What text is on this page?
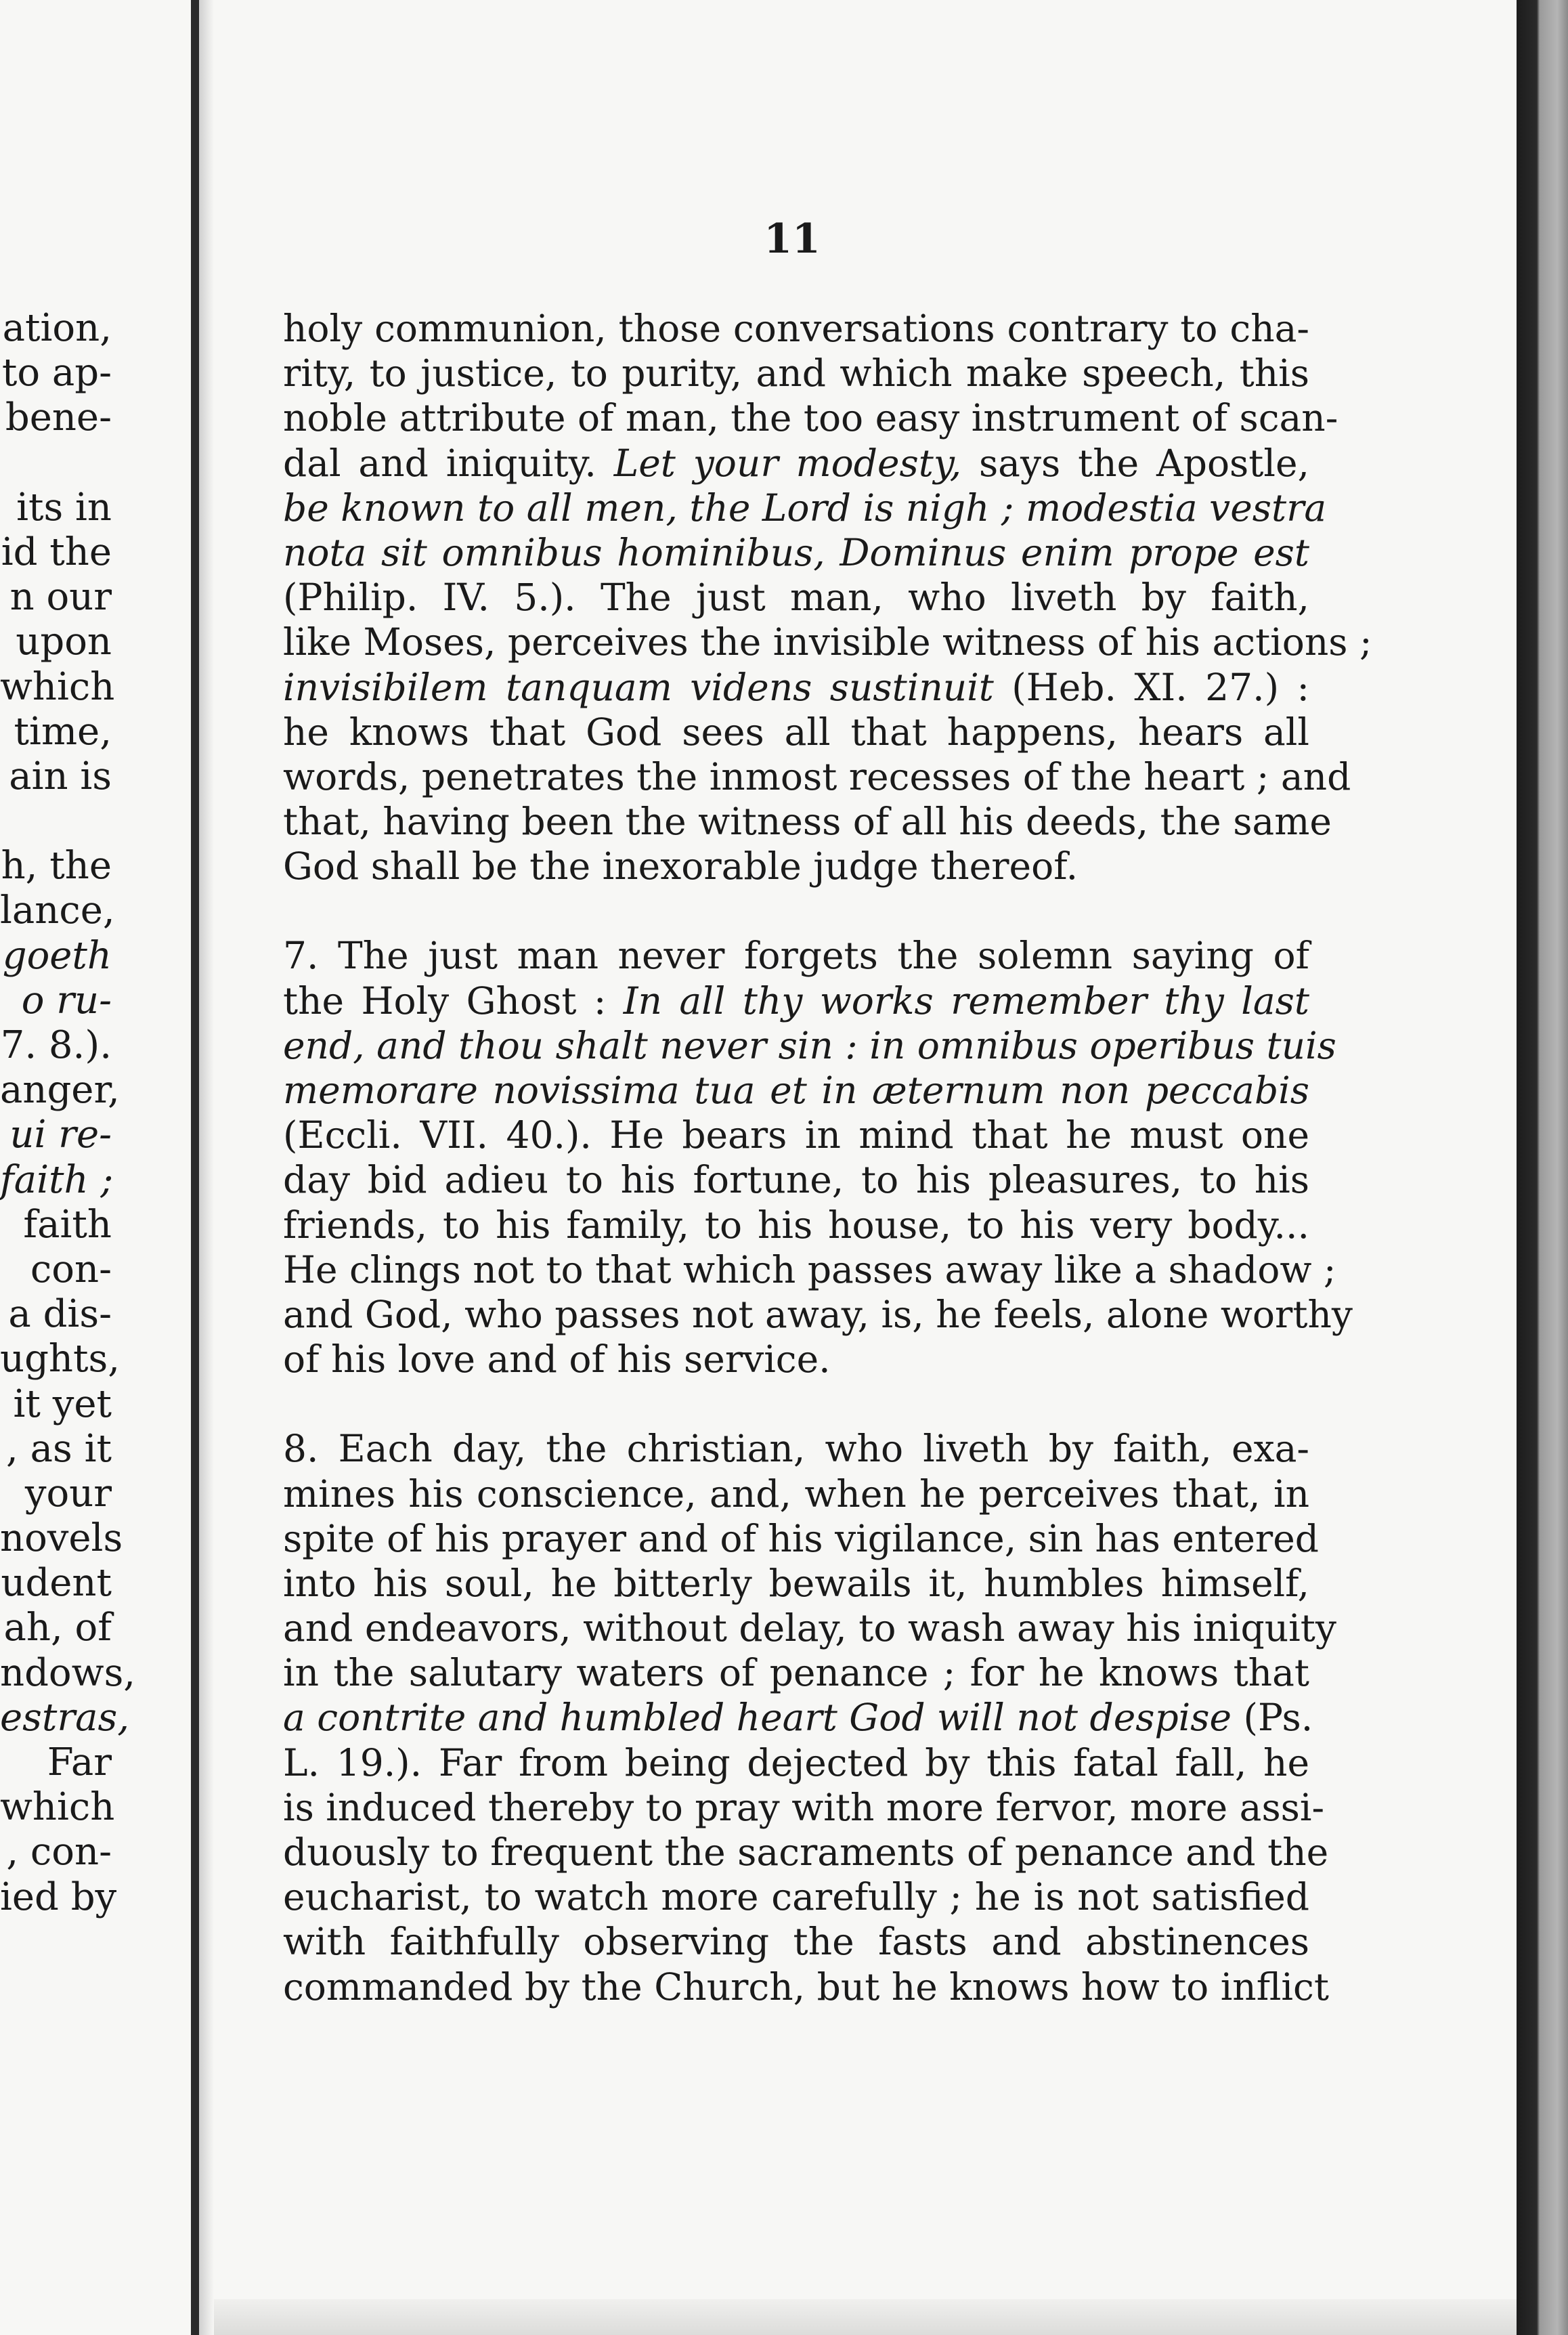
ation,
to ap-
bene-
its in
id the
n our
upon
which
time,
ain is
h, the
lance,
goeth
o ru-
7. 8.).
anger,
ui re-
faith ;
faith
con-
a dis-
ughts,
it yet
, as it
your
novels
udent
ah, of
ndows,
estras,
Far
which
, con-
ied by
11
holy communion, those conversations contrary to cha-
rity, to justice, to purity, and which make speech, this
noble attribute of man, the too easy instrument of scan-
dal and iniquity. Let your modesty, says the Apostle,
be known to all men, the Lord is nigh ; modestia vestra
nota sit omnibus hominibus, Dominus enim prope est
(Philip. IV. 5.). The just man, who liveth by faith,
like Moses, perceives the invisible witness of his actions ;
invisibilem tanquam videns sustinuit (Heb. XI. 27.) :
he knows that God sees all that happens, hears all
words, penetrates the inmost recesses of the heart ; and
that, having been the witness of all his deeds, the same
God shall be the inexorable judge thereof.
7. The just man never forgets the solemn saying of
the Holy Ghost : In all thy works remember thy last
end, and thou shalt never sin : in omnibus operibus tuis
memorare novissima tua et in æternum non peccabis
(Eccli. VII. 40.). He bears in mind that he must one
day bid adieu to his fortune, to his pleasures, to his
friends, to his family, to his house, to his very body...
He clings not to that which passes away like a shadow ;
and God, who passes not away, is, he feels, alone worthy
of his love and of his service.
8. Each day, the christian, who liveth by faith, exa-
mines his conscience, and, when he perceives that, in
spite of his prayer and of his vigilance, sin has entered
into his soul, he bitterly bewails it, humbles himself,
and endeavors, without delay, to wash away his iniquity
in the salutary waters of penance ; for he knows that
a contrite and humbled heart God will not despise (Ps.
L. 19.). Far from being dejected by this fatal fall, he
is induced thereby to pray with more fervor, more assi-
duously to frequent the sacraments of penance and the
eucharist, to watch more carefully ; he is not satisfied
with faithfully observing the fasts and abstinences
commanded by the Church, but he knows how to inflict
